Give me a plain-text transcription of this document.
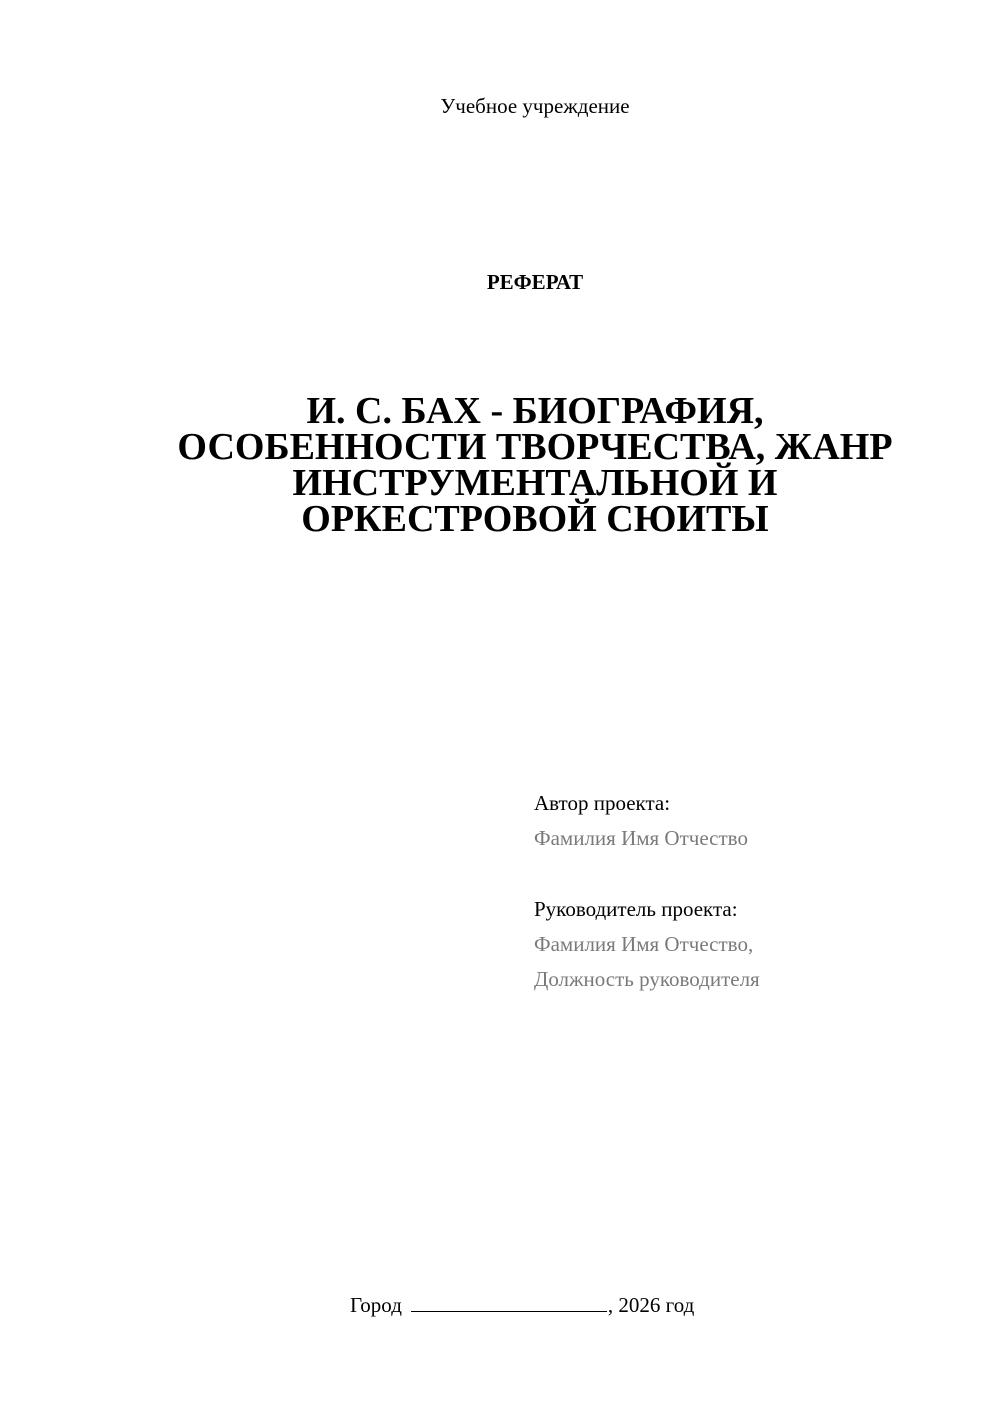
Учебное учреждение
РЕФЕРАТ
И. С. БАХ - БИОГРАФИЯ,
ОСОБЕННОСТИ ТВОРЧЕСТВА, ЖАНР
ИНСТРУМЕНТАЛЬНОЙ И
ОРКЕСТРОВОЙ СЮИТЫ
Автор проекта:
Фамилия Имя Отчество
Руководитель проекта:
Фамилия Имя Отчество,
Должность руководителя
Город	, 2026 год
